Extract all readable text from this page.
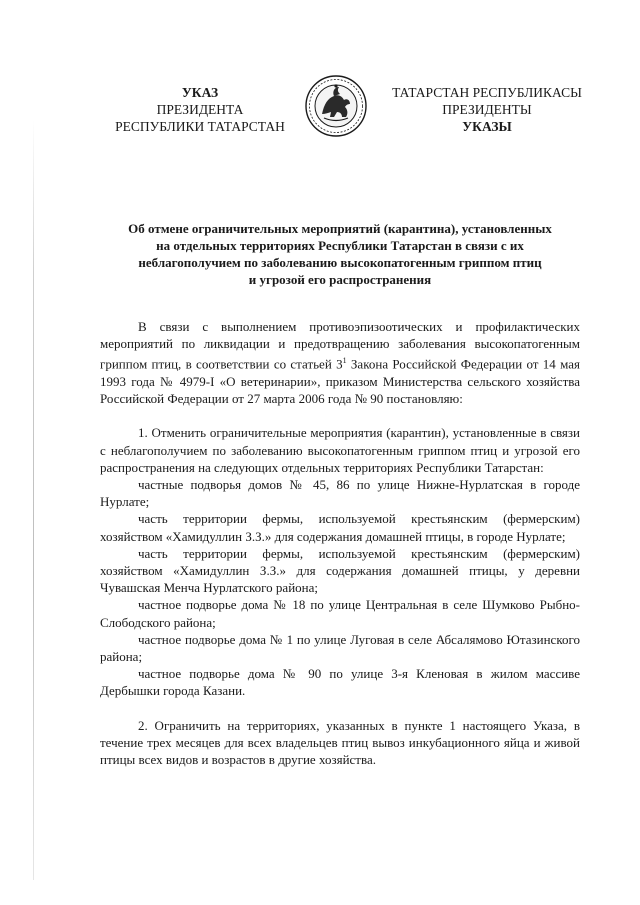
УКАЗ
ПРЕЗИДЕНТА
РЕСПУБЛИКИ ТАТАРСТАН
ТАТАРСТАН РЕСПУБЛИКАСЫ
ПРЕЗИДЕНТЫ
УКАЗЫ
Об отмене ограничительных мероприятий (карантина), установленных
на отдельных территориях Республики Татарстан в связи с их
неблагополучием по заболеванию высокопатогенным гриппом птиц
и угрозой его распространения

В связи с выполнением противоэпизоотических и профилактических мероприятий по ликвидации и предотвращению заболевания высокопатогенным гриппом птиц, в соответствии со статьей $3^1$ Закона Российской Федерации от 14 мая 1993 года № 4979-I «О ветеринарии», приказом Министерства сельского хозяйства Российской Федерации от 27 марта 2006 года № 90 постановляю:

1. Отменить ограничительные мероприятия (карантин), установленные в связи с неблагополучием по заболеванию высокопатогенным гриппом птиц и угрозой его распространения на следующих отдельных территориях Республики Татарстан:

частные подворья домов № 45, 86 по улице Нижне-Нурлатская в городе Нурлате;

часть территории фермы, используемой крестьянским (фермерским) хозяйством «Хамидуллин З.З.» для содержания домашней птицы, в городе Нурлате;

часть территории фермы, используемой крестьянским (фермерским) хозяйством «Хамидуллин З.З.» для содержания домашней птицы, у деревни Чувашская Менча Нурлатского района;

частное подворье дома № 18 по улице Центральная в селе Шумково Рыбно-Слободского района;

частное подворье дома № 1 по улице Луговая в селе Абсалямово Ютазинского района;

частное подворье дома № 90 по улице 3-я Кленовая в жилом массиве Дербышки города Казани.

2. Ограничить на территориях, указанных в пункте 1 настоящего Указа, в течение трех месяцев для всех владельцев птиц вывоз инкубационного яйца и живой птицы всех видов и возрастов в другие хозяйства.
